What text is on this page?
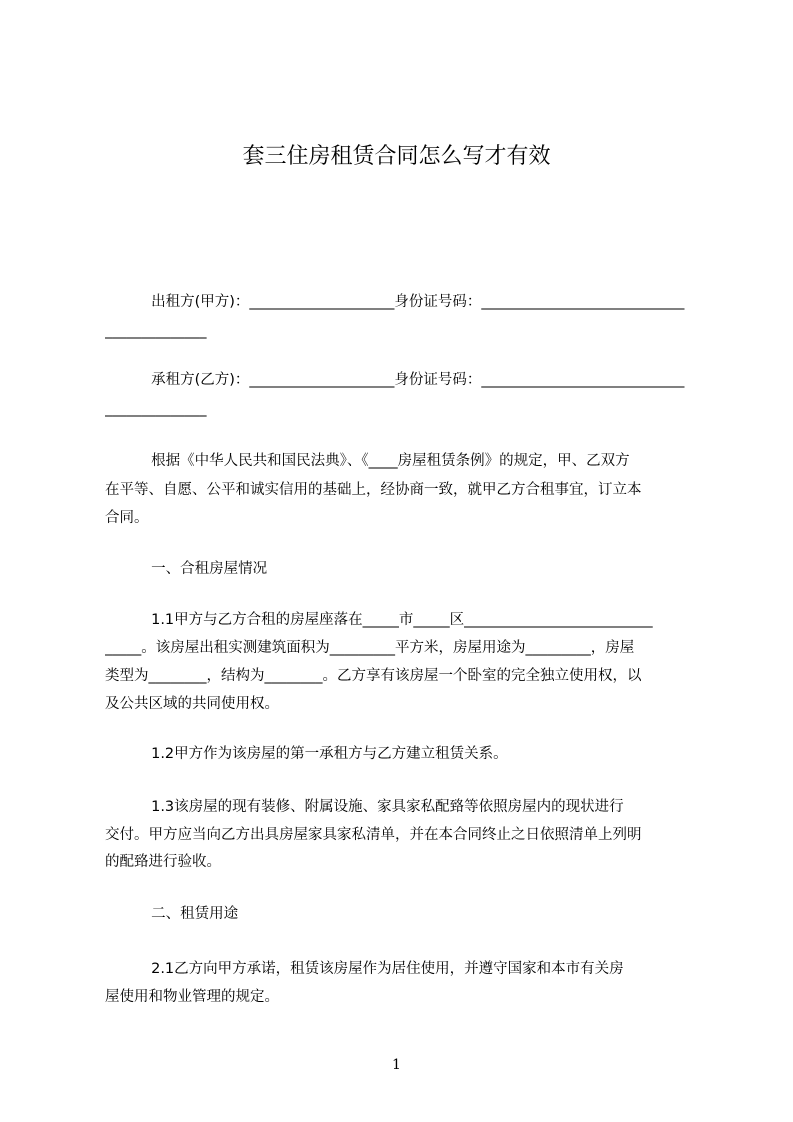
套三住房租赁合同怎么写才有效
出租方(甲方)：____________________身份证号码：____________________________
______________
承租方(乙方)：____________________身份证号码：____________________________
______________
根据《中华人民共和国民法典》、《____房屋租赁条例》的规定，甲、乙双方
在平等、自愿、公平和诚实信用的基础上，经协商一致，就甲乙方合租事宜，订立本
合同。
一、合租房屋情况
1.1甲方与乙方合租的房屋座落在_____市_____区__________________________
_____。该房屋出租实测建筑面积为_________平方米，房屋用途为_________，房屋
类型为________，结构为________。乙方享有该房屋一个卧室的完全独立使用权，以
及公共区域的共同使用权。
1.2甲方作为该房屋的第一承租方与乙方建立租赁关系。
1.3该房屋的现有装修、附属设施、家具家私配臵等依照房屋内的现状进行
交付。甲方应当向乙方出具房屋家具家私清单，并在本合同终止之日依照清单上列明
的配臵进行验收。
二、租赁用途
2.1乙方向甲方承诺，租赁该房屋作为居住使用，并遵守国家和本市有关房
屋使用和物业管理的规定。
1
